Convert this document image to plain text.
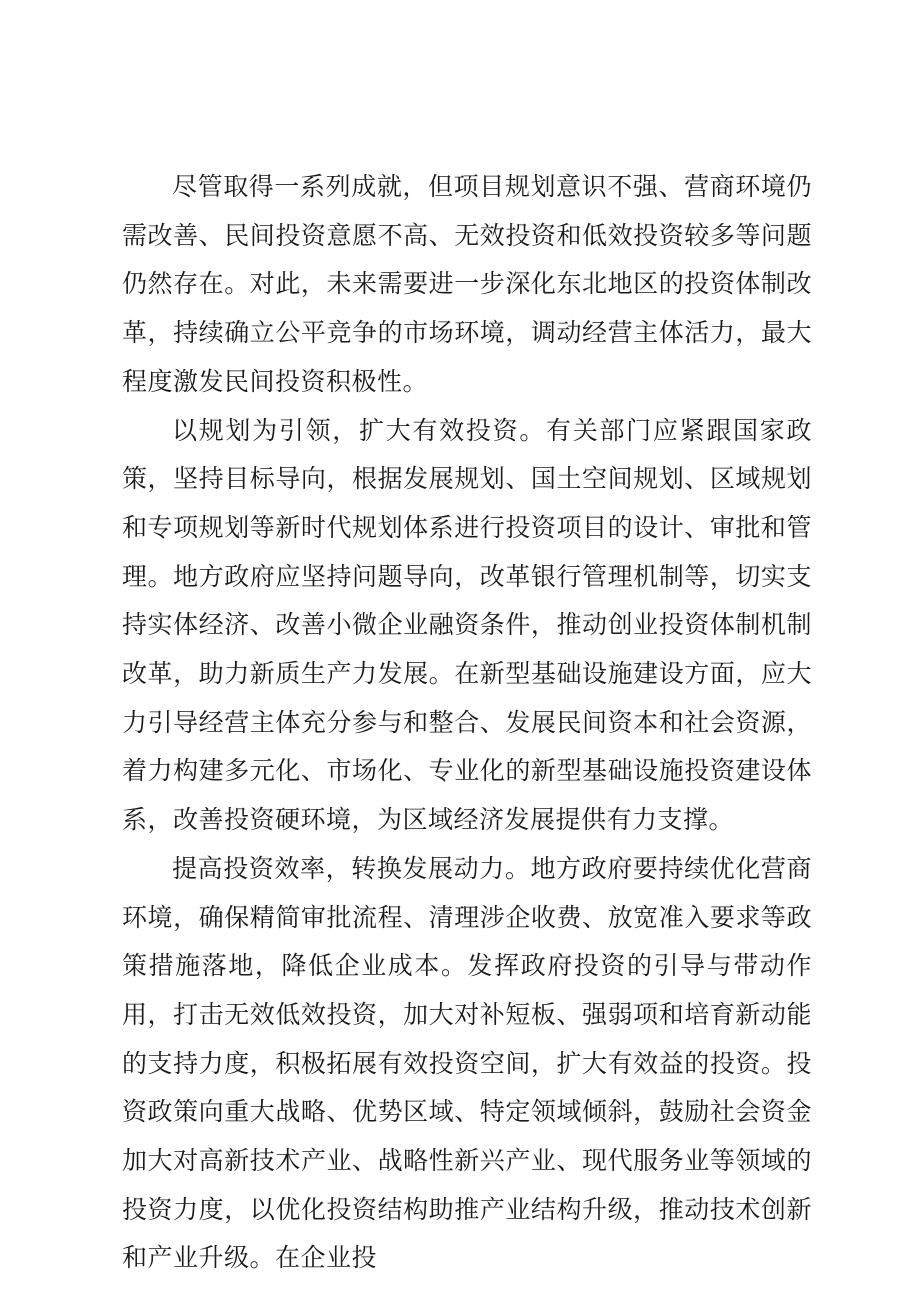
尽管取得一系列成就，但项目规划意识不强、营商环境仍需改善、民间投资意愿不高、无效投资和低效投资较多等问题仍然存在。对此，未来需要进一步深化东北地区的投资体制改革，持续确立公平竞争的市场环境，调动经营主体活力，最大程度激发民间投资积极性。

以规划为引领，扩大有效投资。有关部门应紧跟国家政策，坚持目标导向，根据发展规划、国土空间规划、区域规划和专项规划等新时代规划体系进行投资项目的设计、审批和管理。地方政府应坚持问题导向，改革银行管理机制等，切实支持实体经济、改善小微企业融资条件，推动创业投资体制机制改革，助力新质生产力发展。在新型基础设施建设方面，应大力引导经营主体充分参与和整合、发展民间资本和社会资源，着力构建多元化、市场化、专业化的新型基础设施投资建设体系，改善投资硬环境，为区域经济发展提供有力支撑。

提高投资效率，转换发展动力。地方政府要持续优化营商环境，确保精简审批流程、清理涉企收费、放宽准入要求等政策措施落地，降低企业成本。发挥政府投资的引导与带动作用，打击无效低效投资，加大对补短板、强弱项和培育新动能的支持力度，积极拓展有效投资空间，扩大有效益的投资。投资政策向重大战略、优势区域、特定领域倾斜，鼓励社会资金加大对高新技术产业、战略性新兴产业、现代服务业等领域的投资力度，以优化投资结构助推产业结构升级，推动技术创新和产业升级。在企业投
